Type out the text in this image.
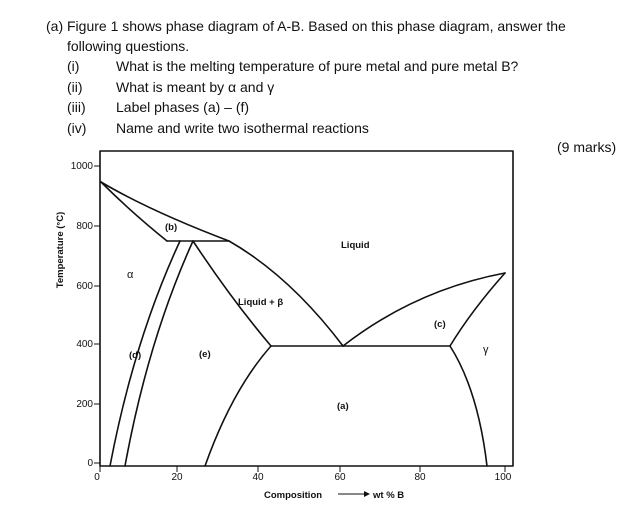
(a) Figure 1 shows phase diagram of A-B. Based on this phase diagram, answer the
following questions.
(i)	What is the melting temperature of pure metal and pure metal B?
(ii) What is meant by α and γ
(iii) Label phases (a) – (f)
(iv) Name and write two isothermal reactions
(9 marks)
1000
800
600
400
200
0
0	20	40	60	80	100
Temperature (°C)
Composition	wt % B
Liquid
Liquid + β
(b)
(c)
(d)	(e)
(a)
α
γ
